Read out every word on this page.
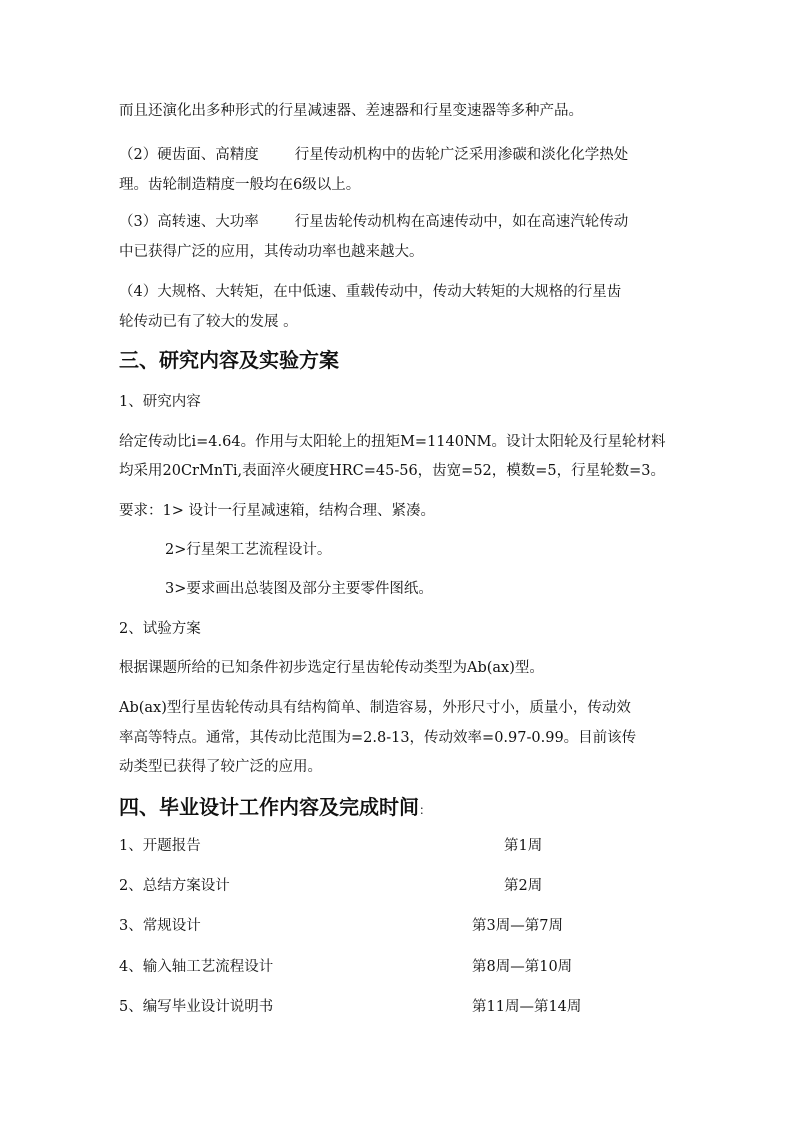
而且还演化出多种形式的行星减速器、差速器和行星变速器等多种产品。
（2）硬齿面、高精度 行星传动机构中的齿轮广泛采用渗碳和淡化化学热处
理。齿轮制造精度一般均在6级以上。
（3）高转速、大功率 行星齿轮传动机构在高速传动中，如在高速汽轮传动
中已获得广泛的应用，其传动功率也越来越大。
（4）大规格、大转矩，在中低速、重载传动中，传动大转矩的大规格的行星齿
轮传动已有了较大的发展 。
三、研究内容及实验方案
1、研究内容
给定传动比i=4.64。作用与太阳轮上的扭矩M=1140NM。设计太阳轮及行星轮材料
均采用20CrMnTi,表面淬火硬度HRC=45-56，齿宽=52，模数=5，行星轮数=3。
要求：1> 设计一行星减速箱，结构合理、紧凑。
2>行星架工艺流程设计。
3>要求画出总装图及部分主要零件图纸。
2、试验方案
根据课题所给的已知条件初步选定行星齿轮传动类型为Ab(ax)型。
Ab(ax)型行星齿轮传动具有结构简单、制造容易，外形尺寸小，质量小，传动效
率高等特点。通常，其传动比范围为=2.8-13，传动效率=0.97-0.99。目前该传
动类型已获得了较广泛的应用。
四、毕业设计工作内容及完成时间：
1、开题报告	第1周
2、总结方案设计	第2周
3、常规设计	第3周—第7周
4、输入轴工艺流程设计	第8周—第10周
5、编写毕业设计说明书	第11周—第14周
